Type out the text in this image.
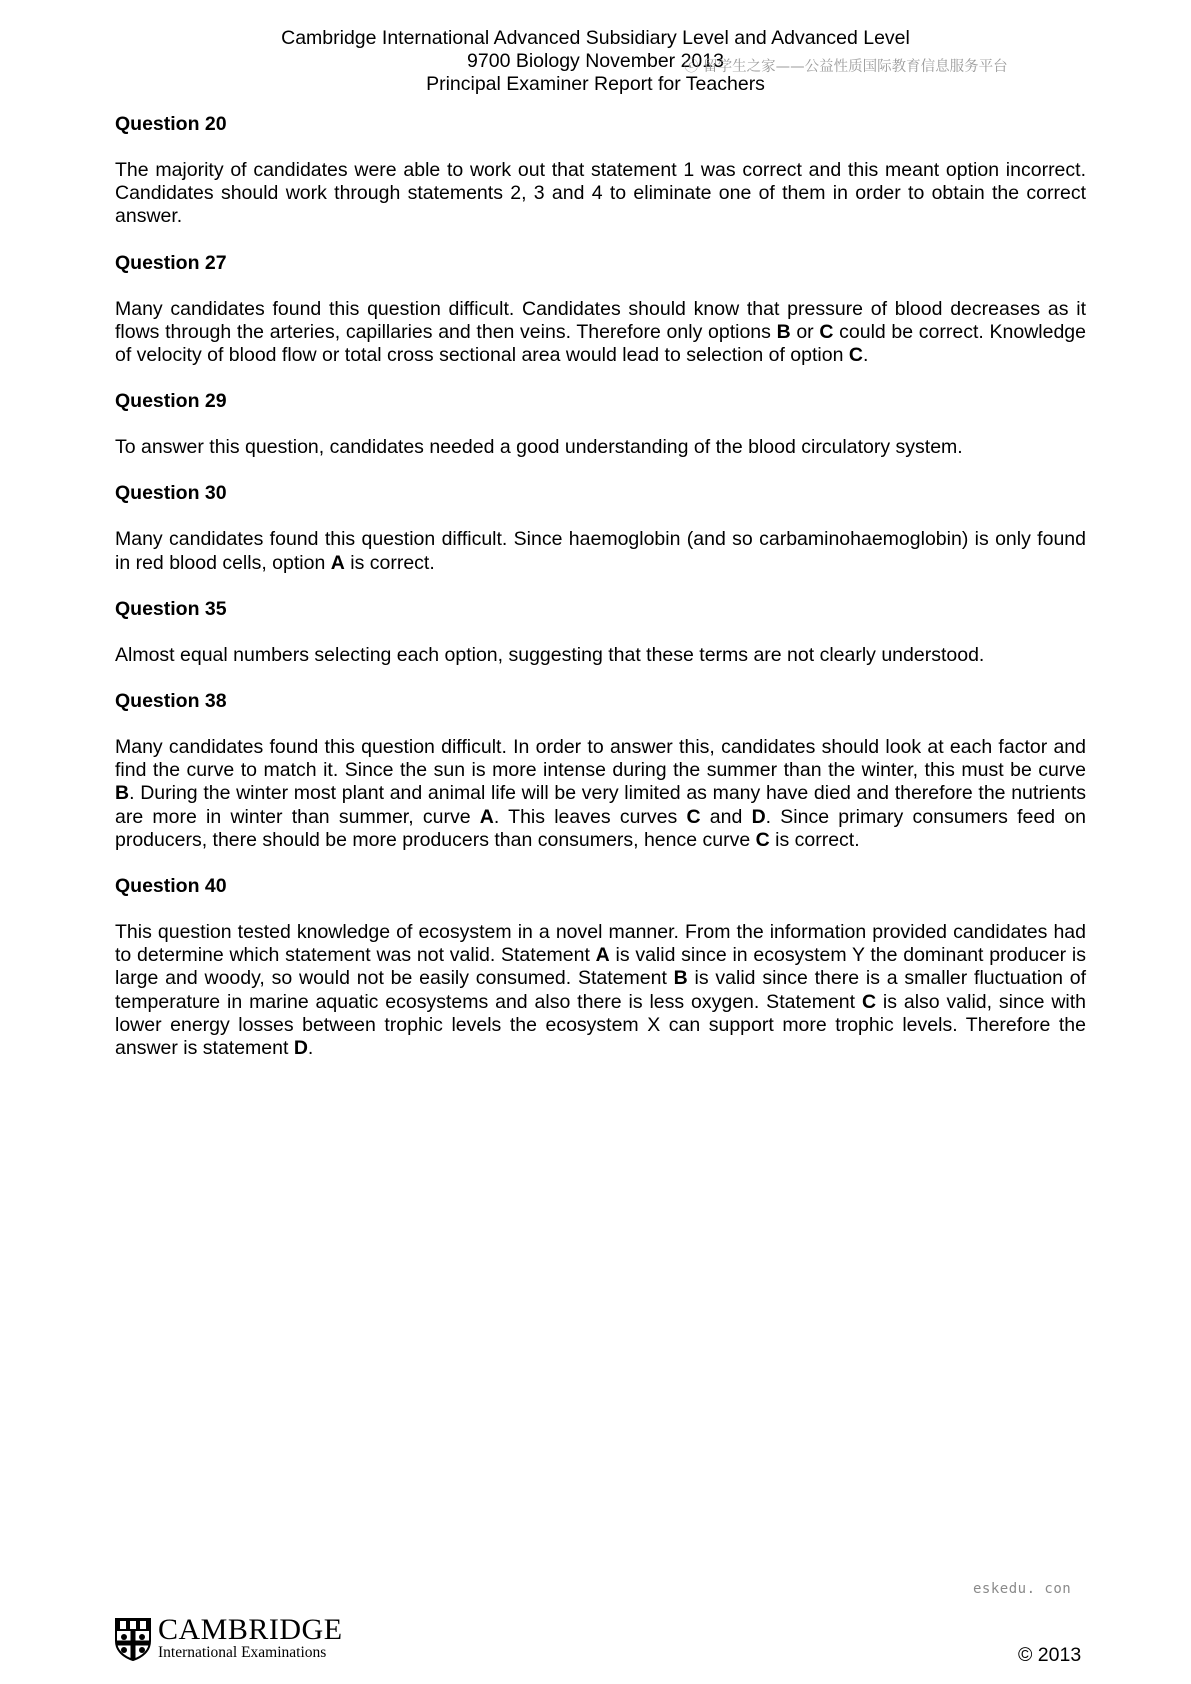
Cambridge International Advanced Subsidiary Level and Advanced Level
9700 Biology November 2013
Principal Examiner Report for Teachers
ⓒ 留学生之家——公益性质国际教育信息服务平台
Question 20
The majority of candidates were able to work out that statement 1 was correct and this meant option incorrect. Candidates should work through statements 2, 3 and 4 to eliminate one of them in order to obtain the correct answer.
Question 27
Many candidates found this question difficult. Candidates should know that pressure of blood decreases as it flows through the arteries, capillaries and then veins. Therefore only options B or C could be correct. Knowledge of velocity of blood flow or total cross sectional area would lead to selection of option C.
Question 29
To answer this question, candidates needed a good understanding of the blood circulatory system.
Question 30
Many candidates found this question difficult. Since haemoglobin (and so carbaminohaemoglobin) is only found in red blood cells, option A is correct.
Question 35
Almost equal numbers selecting each option, suggesting that these terms are not clearly understood.
Question 38
Many candidates found this question difficult. In order to answer this, candidates should look at each factor and find the curve to match it. Since the sun is more intense during the summer than the winter, this must be curve B. During the winter most plant and animal life will be very limited as many have died and therefore the nutrients are more in winter than summer, curve A. This leaves curves C and D. Since primary consumers feed on producers, there should be more producers than consumers, hence curve C is correct.
Question 40
This question tested knowledge of ecosystem in a novel manner. From the information provided candidates had to determine which statement was not valid. Statement A is valid since in ecosystem Y the dominant producer is large and woody, so would not be easily consumed. Statement B is valid since there is a smaller fluctuation of temperature in marine aquatic ecosystems and also there is less oxygen. Statement C is also valid, since with lower energy losses between trophic levels the ecosystem X can support more trophic levels. Therefore the answer is statement D.
eskedu. con
CAMBRIDGE
International Examinations	© 2013
